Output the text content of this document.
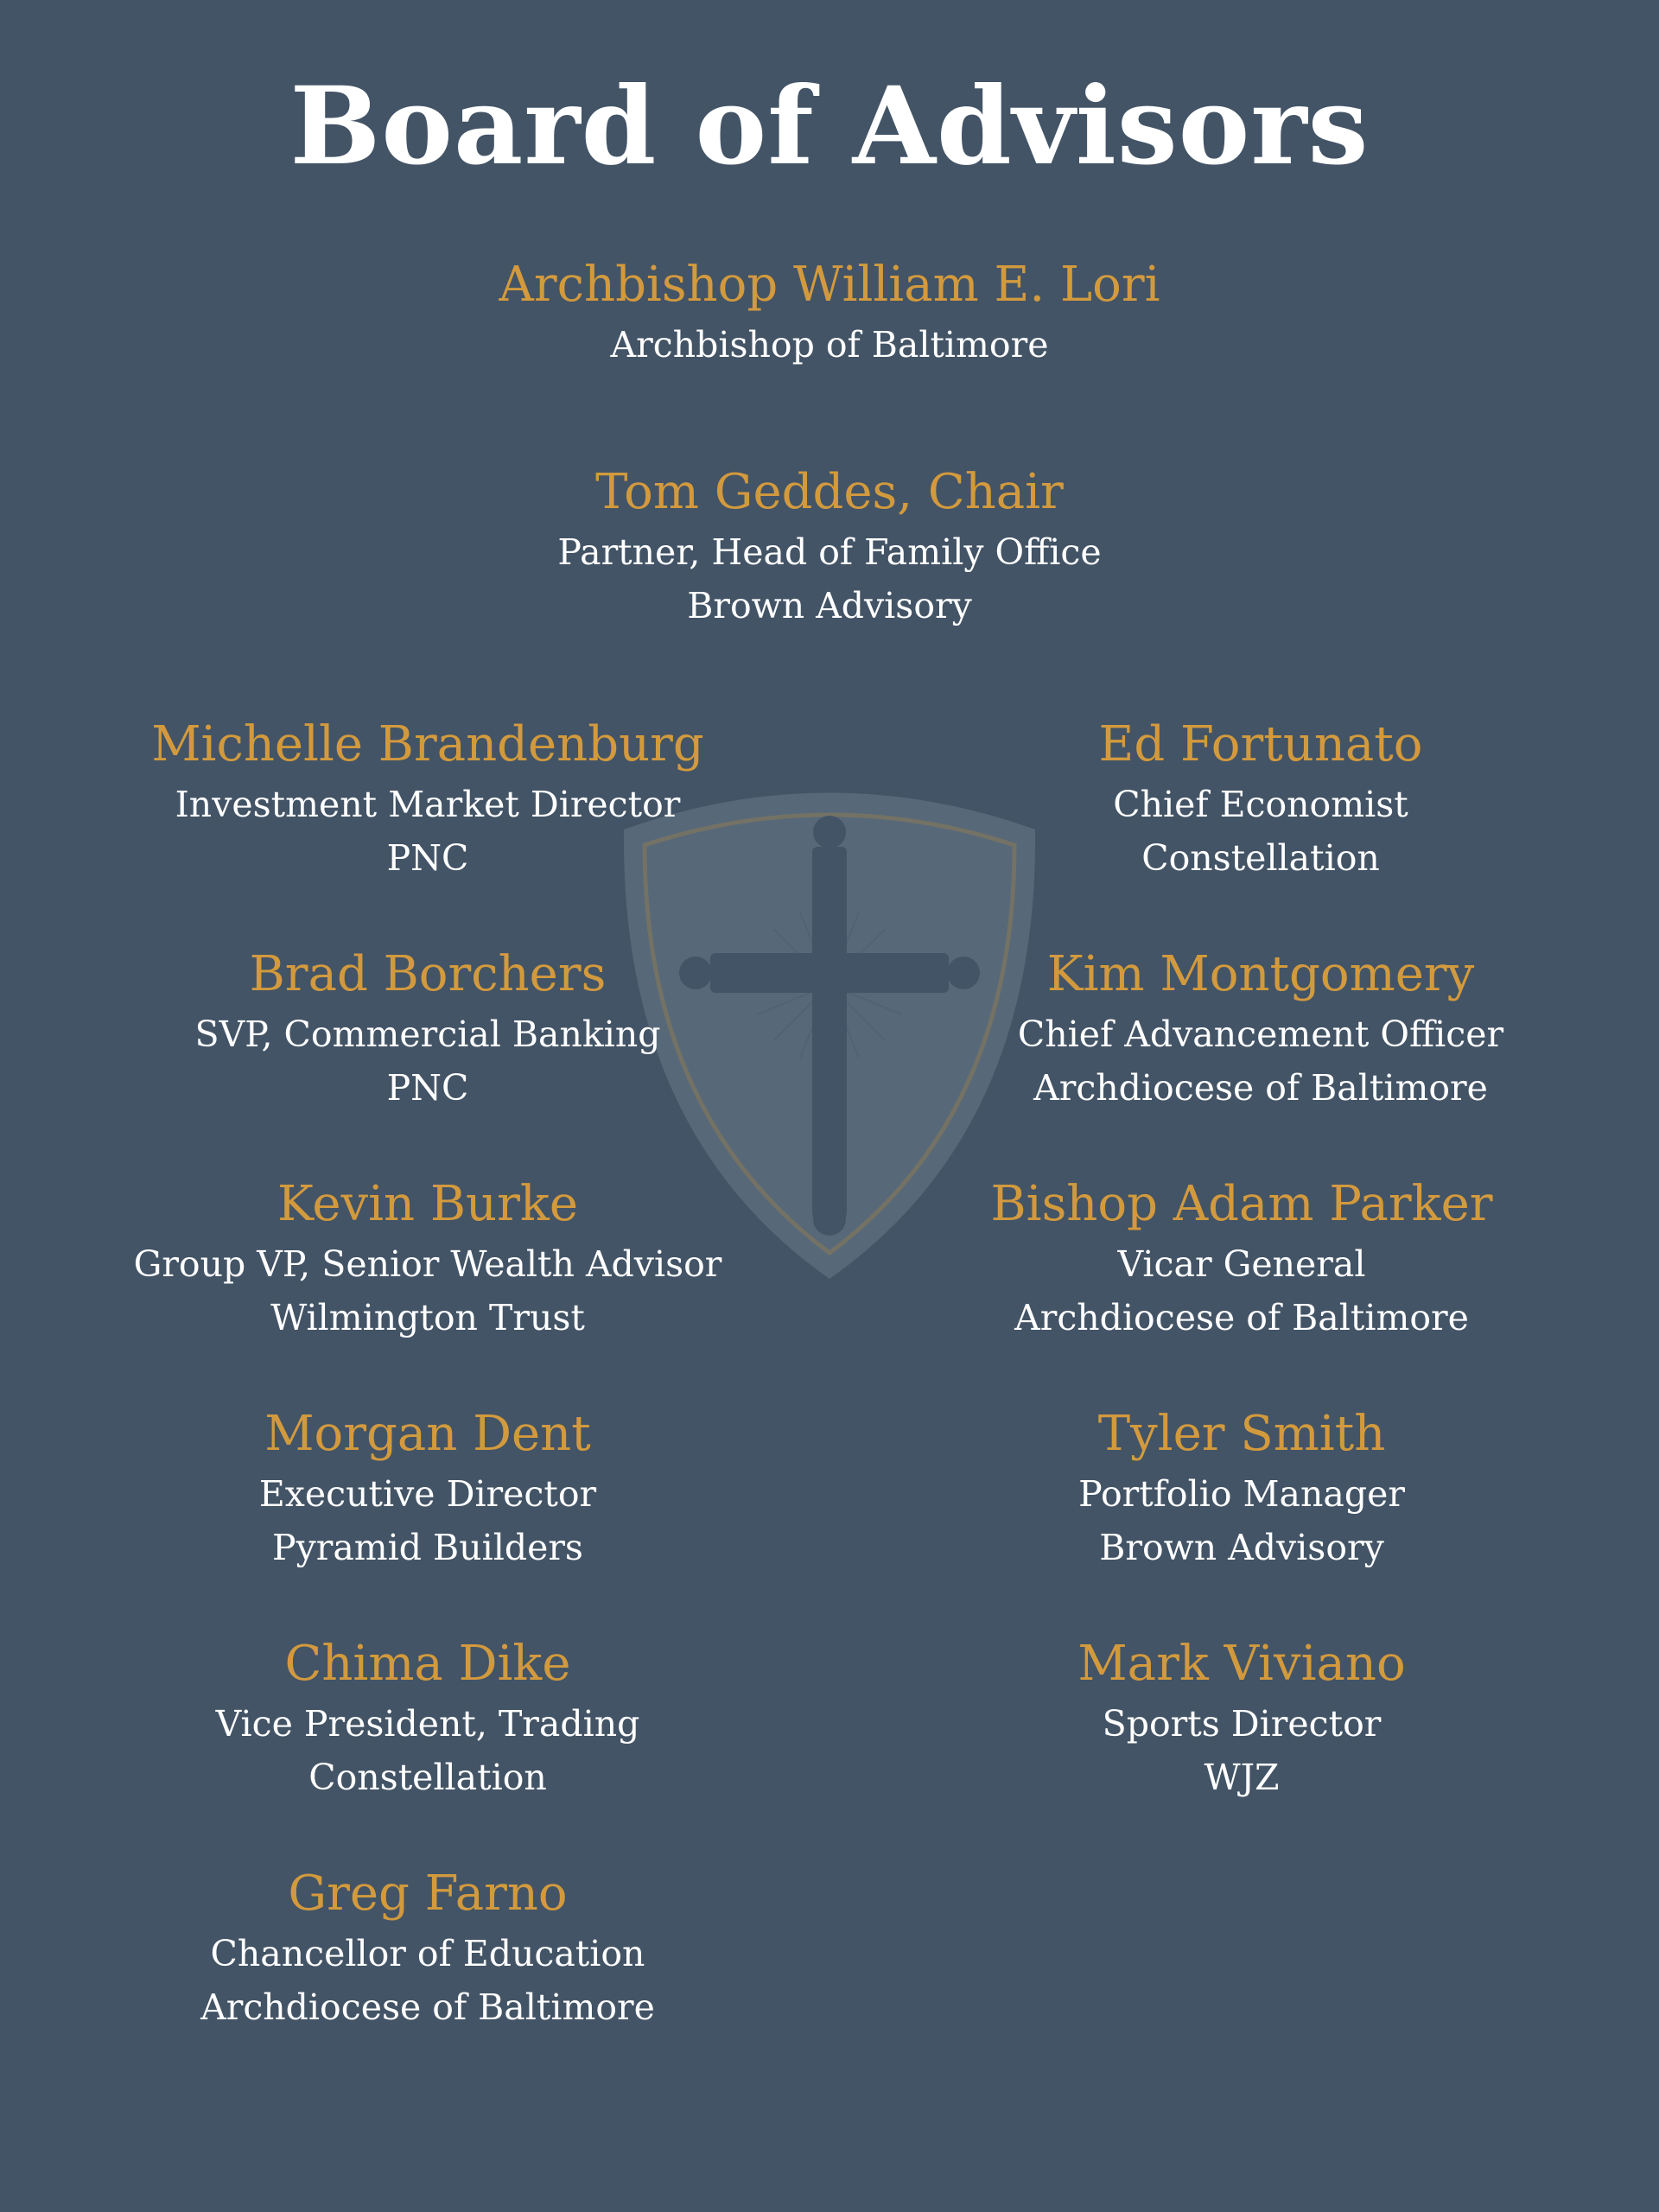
Board of Advisors
Archbishop William E. Lori
Archbishop of Baltimore
Tom Geddes, Chair
Partner, Head of Family Office
Brown Advisory
Michelle Brandenburg
Investment Market Director
PNC
Brad Borchers
SVP, Commercial Banking
PNC
Kevin Burke
Group VP, Senior Wealth Advisor
Wilmington Trust
Morgan Dent
Executive Director
Pyramid Builders
Chima Dike
Vice President, Trading
Constellation
Greg Farno
Chancellor of Education
Archdiocese of Baltimore
Ed Fortunato
Chief Economist
Constellation
Kim Montgomery
Chief Advancement Officer
Archdiocese of Baltimore
Bishop Adam Parker
Vicar General
Archdiocese of Baltimore
Tyler Smith
Portfolio Manager
Brown Advisory
Mark Viviano
Sports Director
WJZ
